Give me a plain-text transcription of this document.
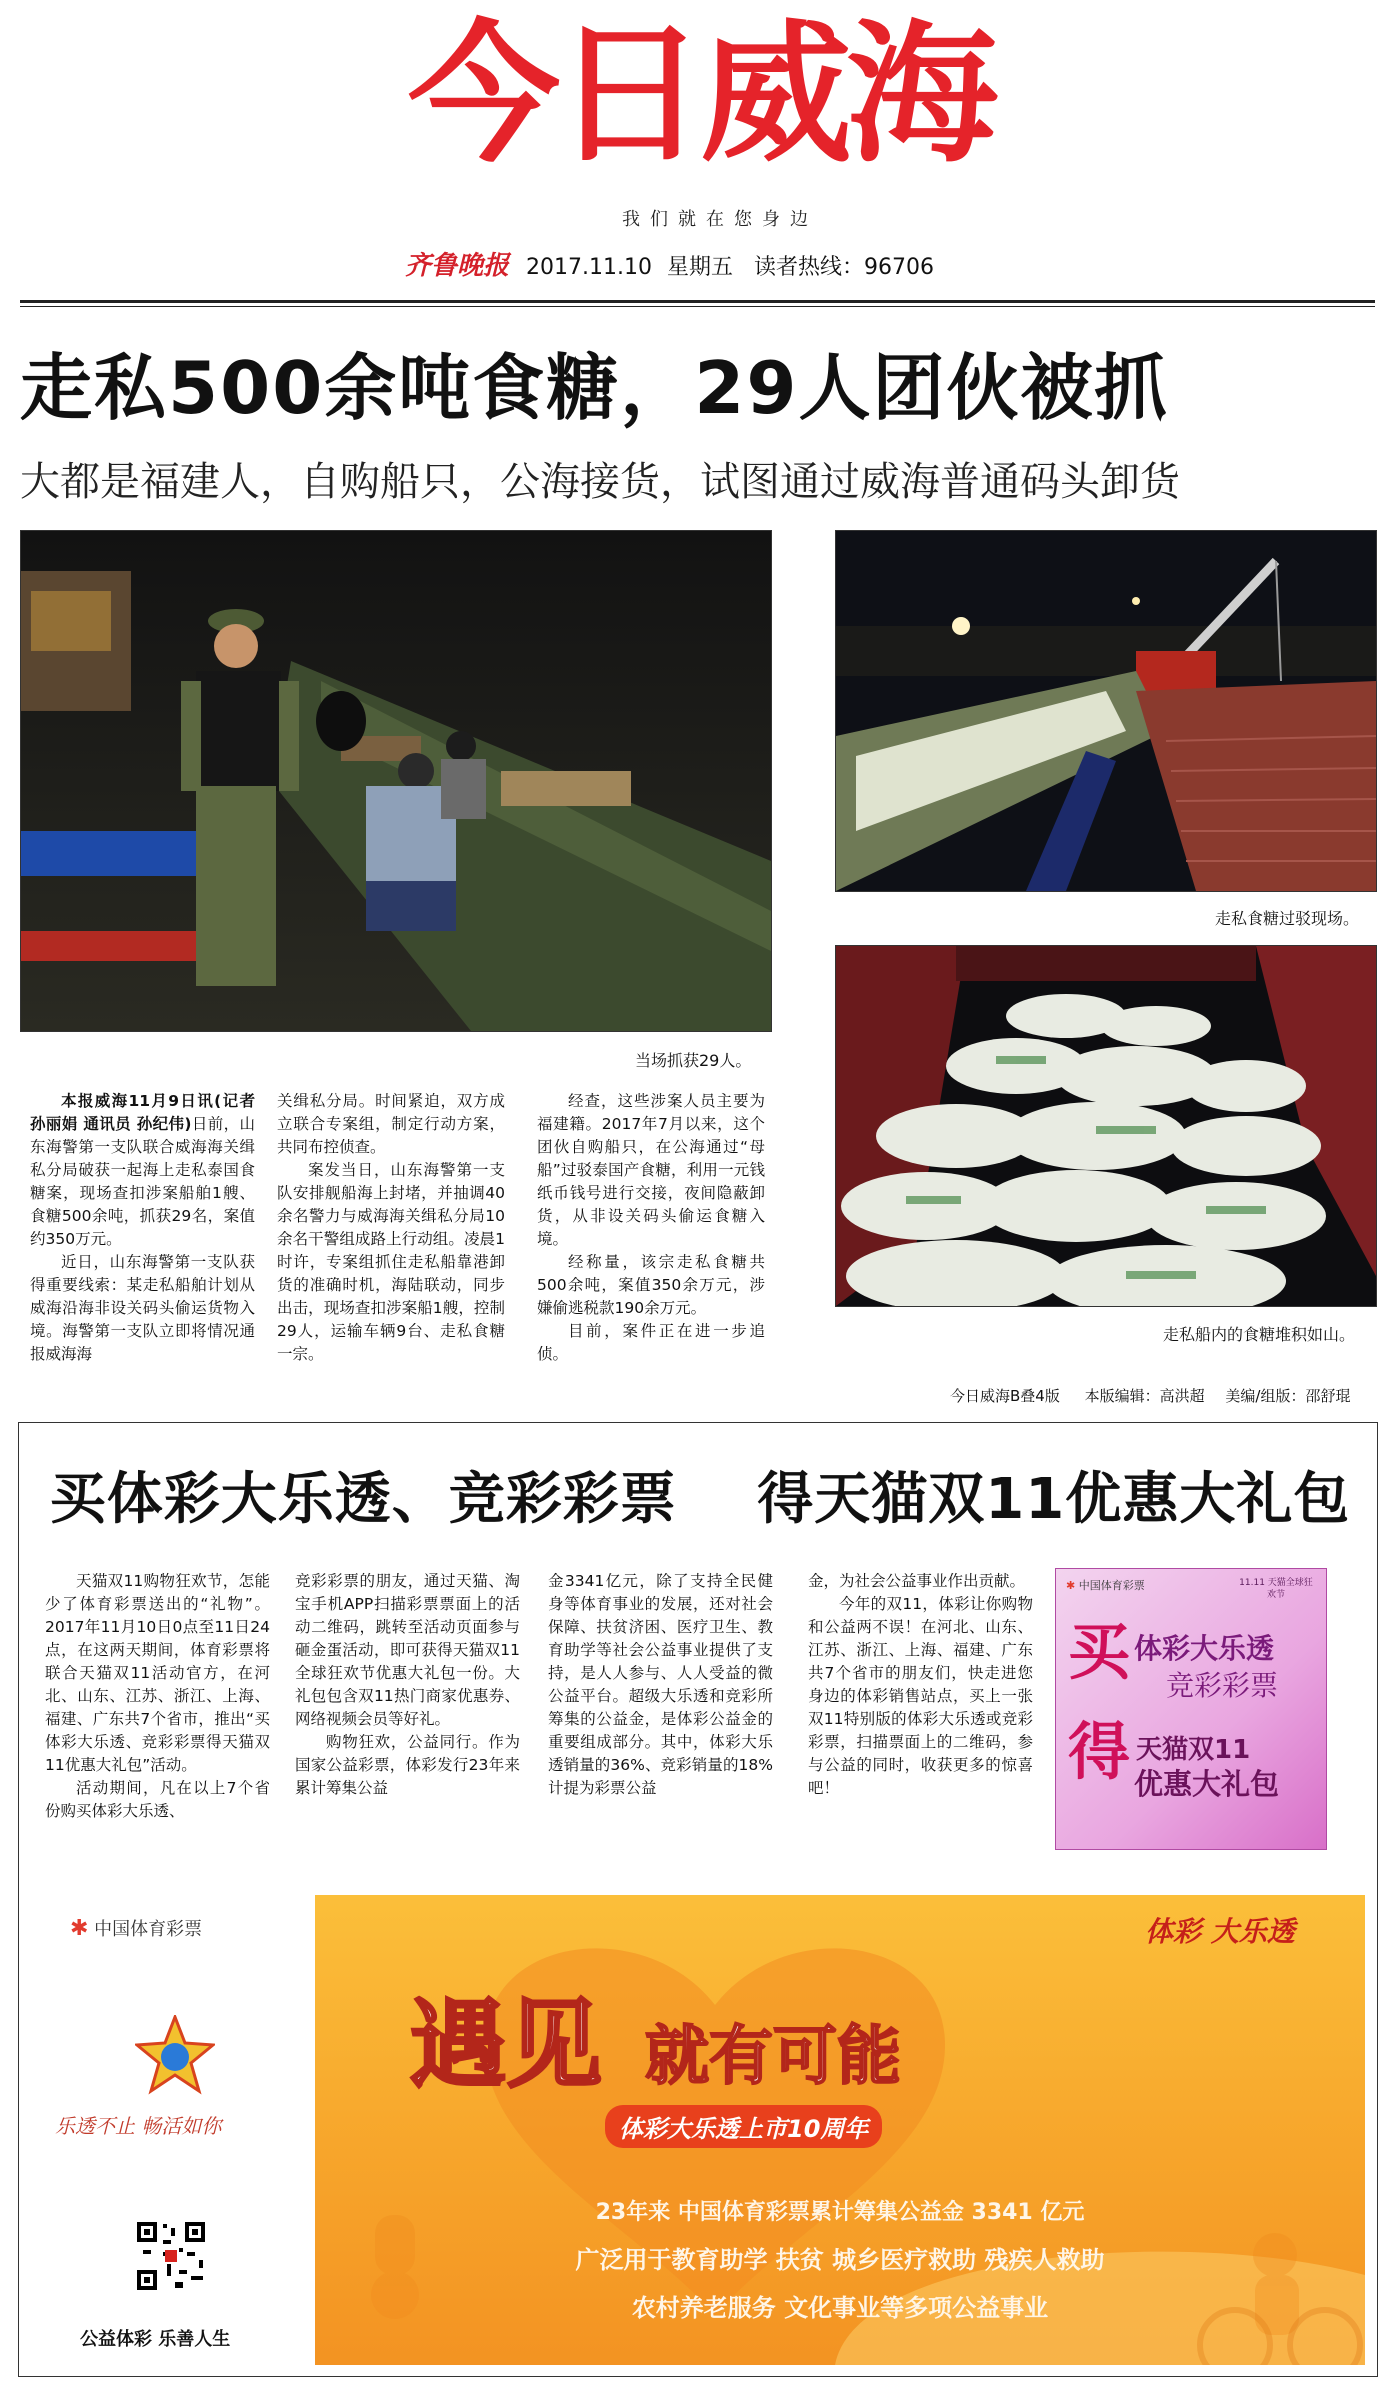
今日威海
我们就在您身边
齐鲁晚报 2017.11.10 星期五 读者热线：96706
走私500余吨食糖，29人团伙被抓
大都是福建人，自购船只，公海接货，试图通过威海普通码头卸货
当场抓获29人。
走私食糖过驳现场。
走私船内的食糖堆积如山。

本报威海11月9日讯(记者 孙丽娟 通讯员 孙纪伟)日前，山东海警第一支队联合威海海关缉私分局破获一起海上走私泰国食糖案，现场查扣涉案船舶1艘、食糖500余吨，抓获29名，案值约350万元。

近日，山东海警第一支队获得重要线索：某走私船舶计划从威海沿海非设关码头偷运货物入境。海警第一支队立即将情况通报威海海

关缉私分局。时间紧迫，双方成立联合专案组，制定行动方案，共同布控侦查。

案发当日，山东海警第一支队安排舰船海上封堵，并抽调40余名警力与威海海关缉私分局10余名干警组成路上行动组。凌晨1时许，专案组抓住走私船靠港卸货的准确时机，海陆联动，同步出击，现场查扣涉案船1艘，控制29人，运输车辆9台、走私食糖一宗。

经查，这些涉案人员主要为福建籍。2017年7月以来，这个团伙自购船只，在公海通过“母船”过驳泰国产食糖，利用一元钱纸币钱号进行交接，夜间隐蔽卸货，从非设关码头偷运食糖入境。

经称量，该宗走私食糖共500余吨，案值350余万元，涉嫌偷逃税款190余万元。

目前，案件正在进一步追侦。

今日威海B叠4版 本版编辑：高洪超 美编/组版：邵舒琨
买体彩大乐透、竞彩彩票 得天猫双11优惠大礼包

天猫双11购物狂欢节，怎能少了体育彩票送出的“礼物”。2017年11月10日0点至11日24点，在这两天期间，体育彩票将联合天猫双11活动官方，在河北、山东、江苏、浙江、上海、福建、广东共7个省市，推出“买体彩大乐透、竞彩彩票得天猫双11优惠大礼包”活动。

活动期间，凡在以上7个省份购买体彩大乐透、

竞彩彩票的朋友，通过天猫、淘宝手机APP扫描彩票票面上的活动二维码，跳转至活动页面参与砸金蛋活动，即可获得天猫双11全球狂欢节优惠大礼包一份。大礼包包含双11热门商家优惠券、网络视频会员等好礼。

购物狂欢，公益同行。作为国家公益彩票，体彩发行23年来累计筹集公益

金3341亿元，除了支持全民健身等体育事业的发展，还对社会保障、扶贫济困、医疗卫生、教育助学等社会公益事业提供了支持，是人人参与、人人受益的微公益平台。超级大乐透和竞彩所筹集的公益金，是体彩公益金的重要组成部分。其中，体彩大乐透销量的36%、竞彩销量的18%计提为彩票公益

金，为社会公益事业作出贡献。

今年的双11，体彩让你购物和公益两不误！在河北、山东、江苏、浙江、上海、福建、广东共7个省市的朋友们，快走进您身边的体彩销售站点，买上一张双11特别版的体彩大乐透或竞彩彩票，扫描票面上的二维码，参与公益的同时，收获更多的惊喜吧！

✱ 中国体育彩票	11.11 天猫全球狂欢节
买 体彩大乐透
竞彩彩票
得 天猫双11
优惠大礼包
✱ 中国体育彩票
乐透不止 畅活如你
公益体彩 乐善人生
体彩 大乐透
遇见 就有可能
体彩大乐透上市10周年
23年来 中国体育彩票累计筹集公益金 3341 亿元
广泛用于教育助学 扶贫 城乡医疗救助 残疾人救助
农村养老服务 文化事业等多项公益事业
